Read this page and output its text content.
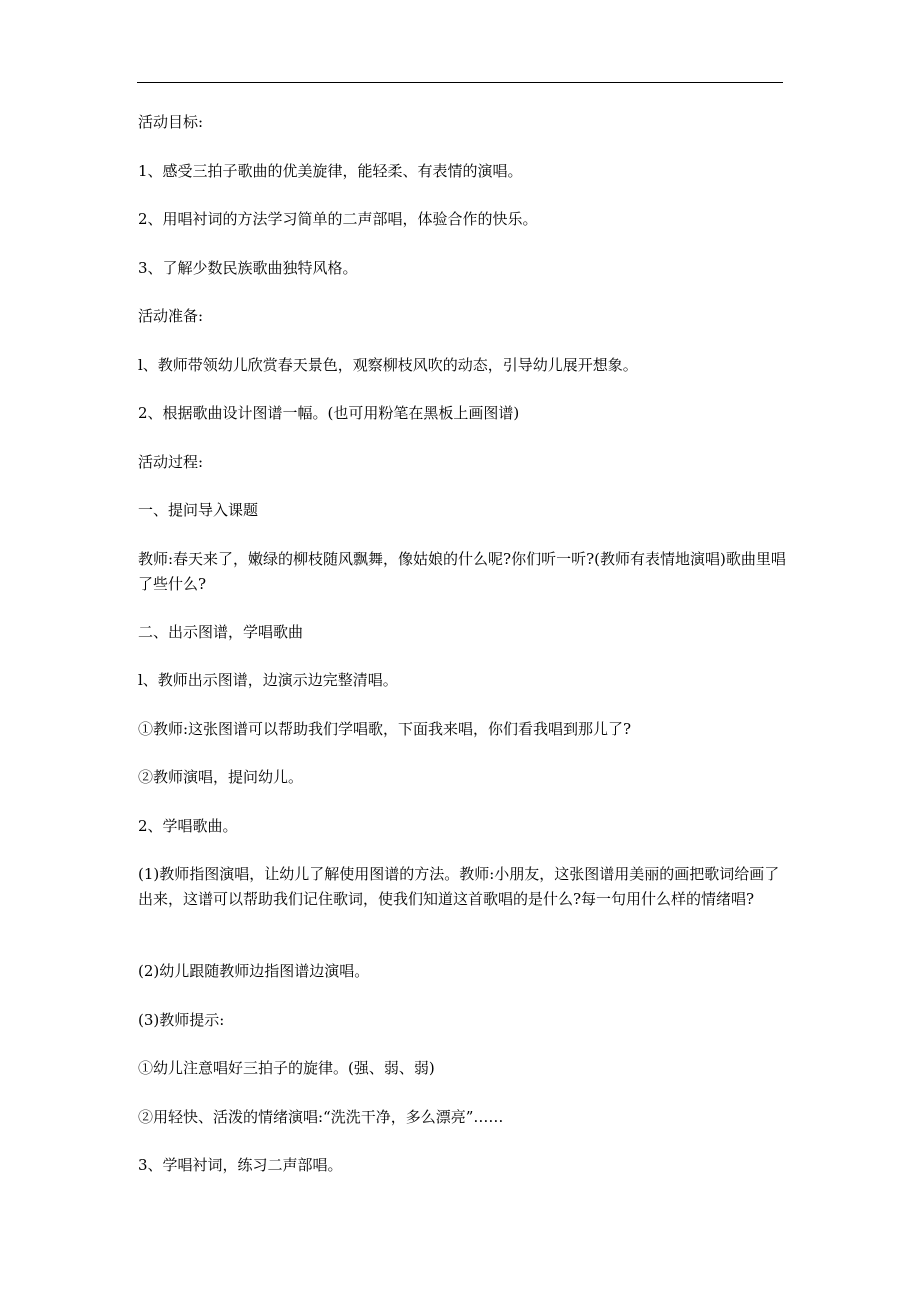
活动目标:

1、感受三拍子歌曲的优美旋律，能轻柔、有表情的演唱。

2、用唱衬词的方法学习简单的二声部唱，体验合作的快乐。

3、了解少数民族歌曲独特风格。

活动准备:

l、教师带领幼儿欣赏春天景色，观察柳枝风吹的动态，引导幼儿展开想象。

2、根据歌曲设计图谱一幅。(也可用粉笔在黑板上画图谱)

活动过程:

一、提问导入课题

教师:春天来了，嫩绿的柳枝随风飘舞，像姑娘的什么呢?你们听一听?(教师有表情地演唱)歌曲里唱了些什么?

二、出示图谱，学唱歌曲

l、教师出示图谱，边演示边完整清唱。

①教师:这张图谱可以帮助我们学唱歌，下面我来唱，你们看我唱到那儿了?

②教师演唱，提问幼儿。

2、学唱歌曲。

(1)教师指图演唱，让幼儿了解使用图谱的方法。教师:小朋友，这张图谱用美丽的画把歌词给画了出来，这谱可以帮助我们记住歌词，使我们知道这首歌唱的是什么?每一句用什么样的情绪唱?

(2)幼儿跟随教师边指图谱边演唱。

(3)教师提示:

①幼儿注意唱好三拍子的旋律。(强、弱、弱)

②用轻快、活泼的情绪演唱:“洗洗干净，多么漂亮”……

3、学唱衬词，练习二声部唱。
